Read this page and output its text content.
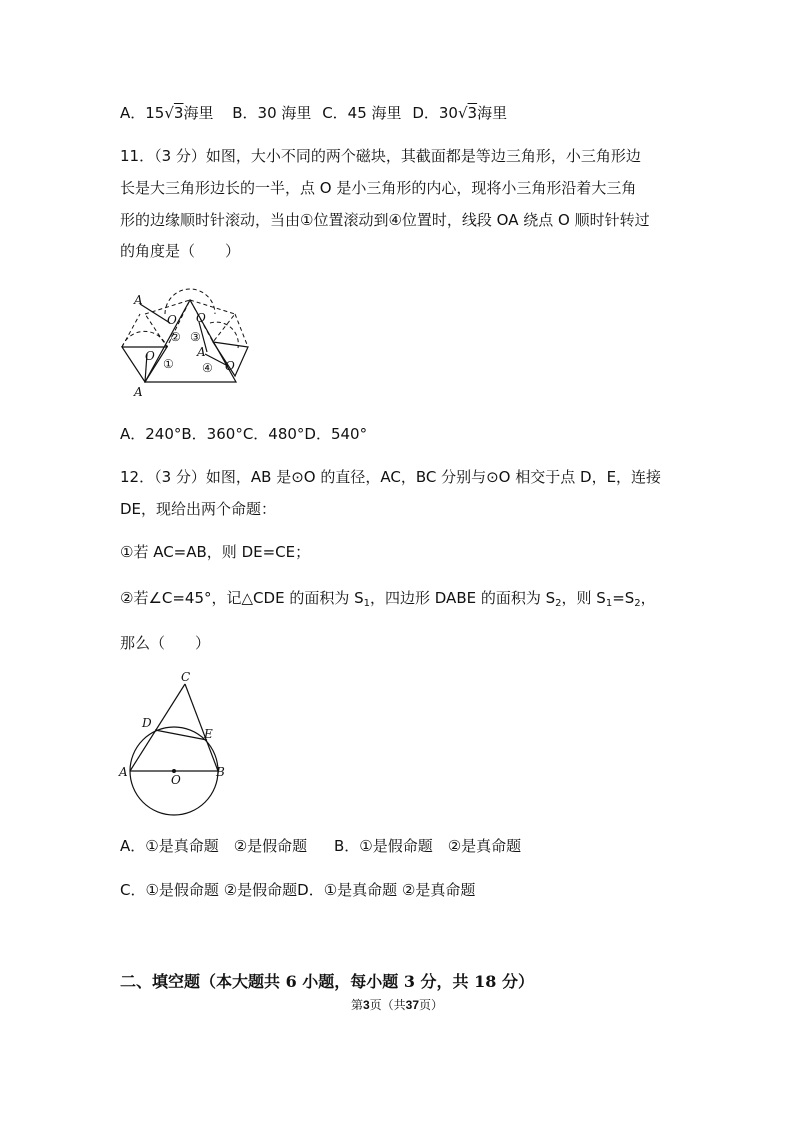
A．15√3海里 B．30 海里 C．45 海里 D．30√3海里
11．（3 分）如图，大小不同的两个磁块，其截面都是等边三角形，小三角形边
长是大三角形边长的一半，点 O 是小三角形的内心，现将小三角形沿着大三角
形的边缘顺时针滚动，当由①位置滚动到④位置时，线段 OA 绕点 O 顺时针转过
的角度是（　　）
A
A
A
O
O O
O
①
② ③
④
A．240°B．360°C．480°D．540°
12．（3 分）如图，AB 是⊙O 的直径，AC，BC 分别与⊙O 相交于点 D，E，连接
DE，现给出两个命题：
①若 AC=AB，则 DE=CE；
②若∠C=45°，记△CDE 的面积为 $S_1$，四边形 DABE 的面积为 $S_2$，则 $S_1=S_2$，
那么（　　）
C
D
E
A
O
B
A．①是真命题　②是假命题 B．①是假命题　②是真命题
C．①是假命题 ②是假命题D．①是真命题 ②是真命题
二、填空题（本大题共 6 小题，每小题 3 分，共 18 分）
第3页（共37页）
